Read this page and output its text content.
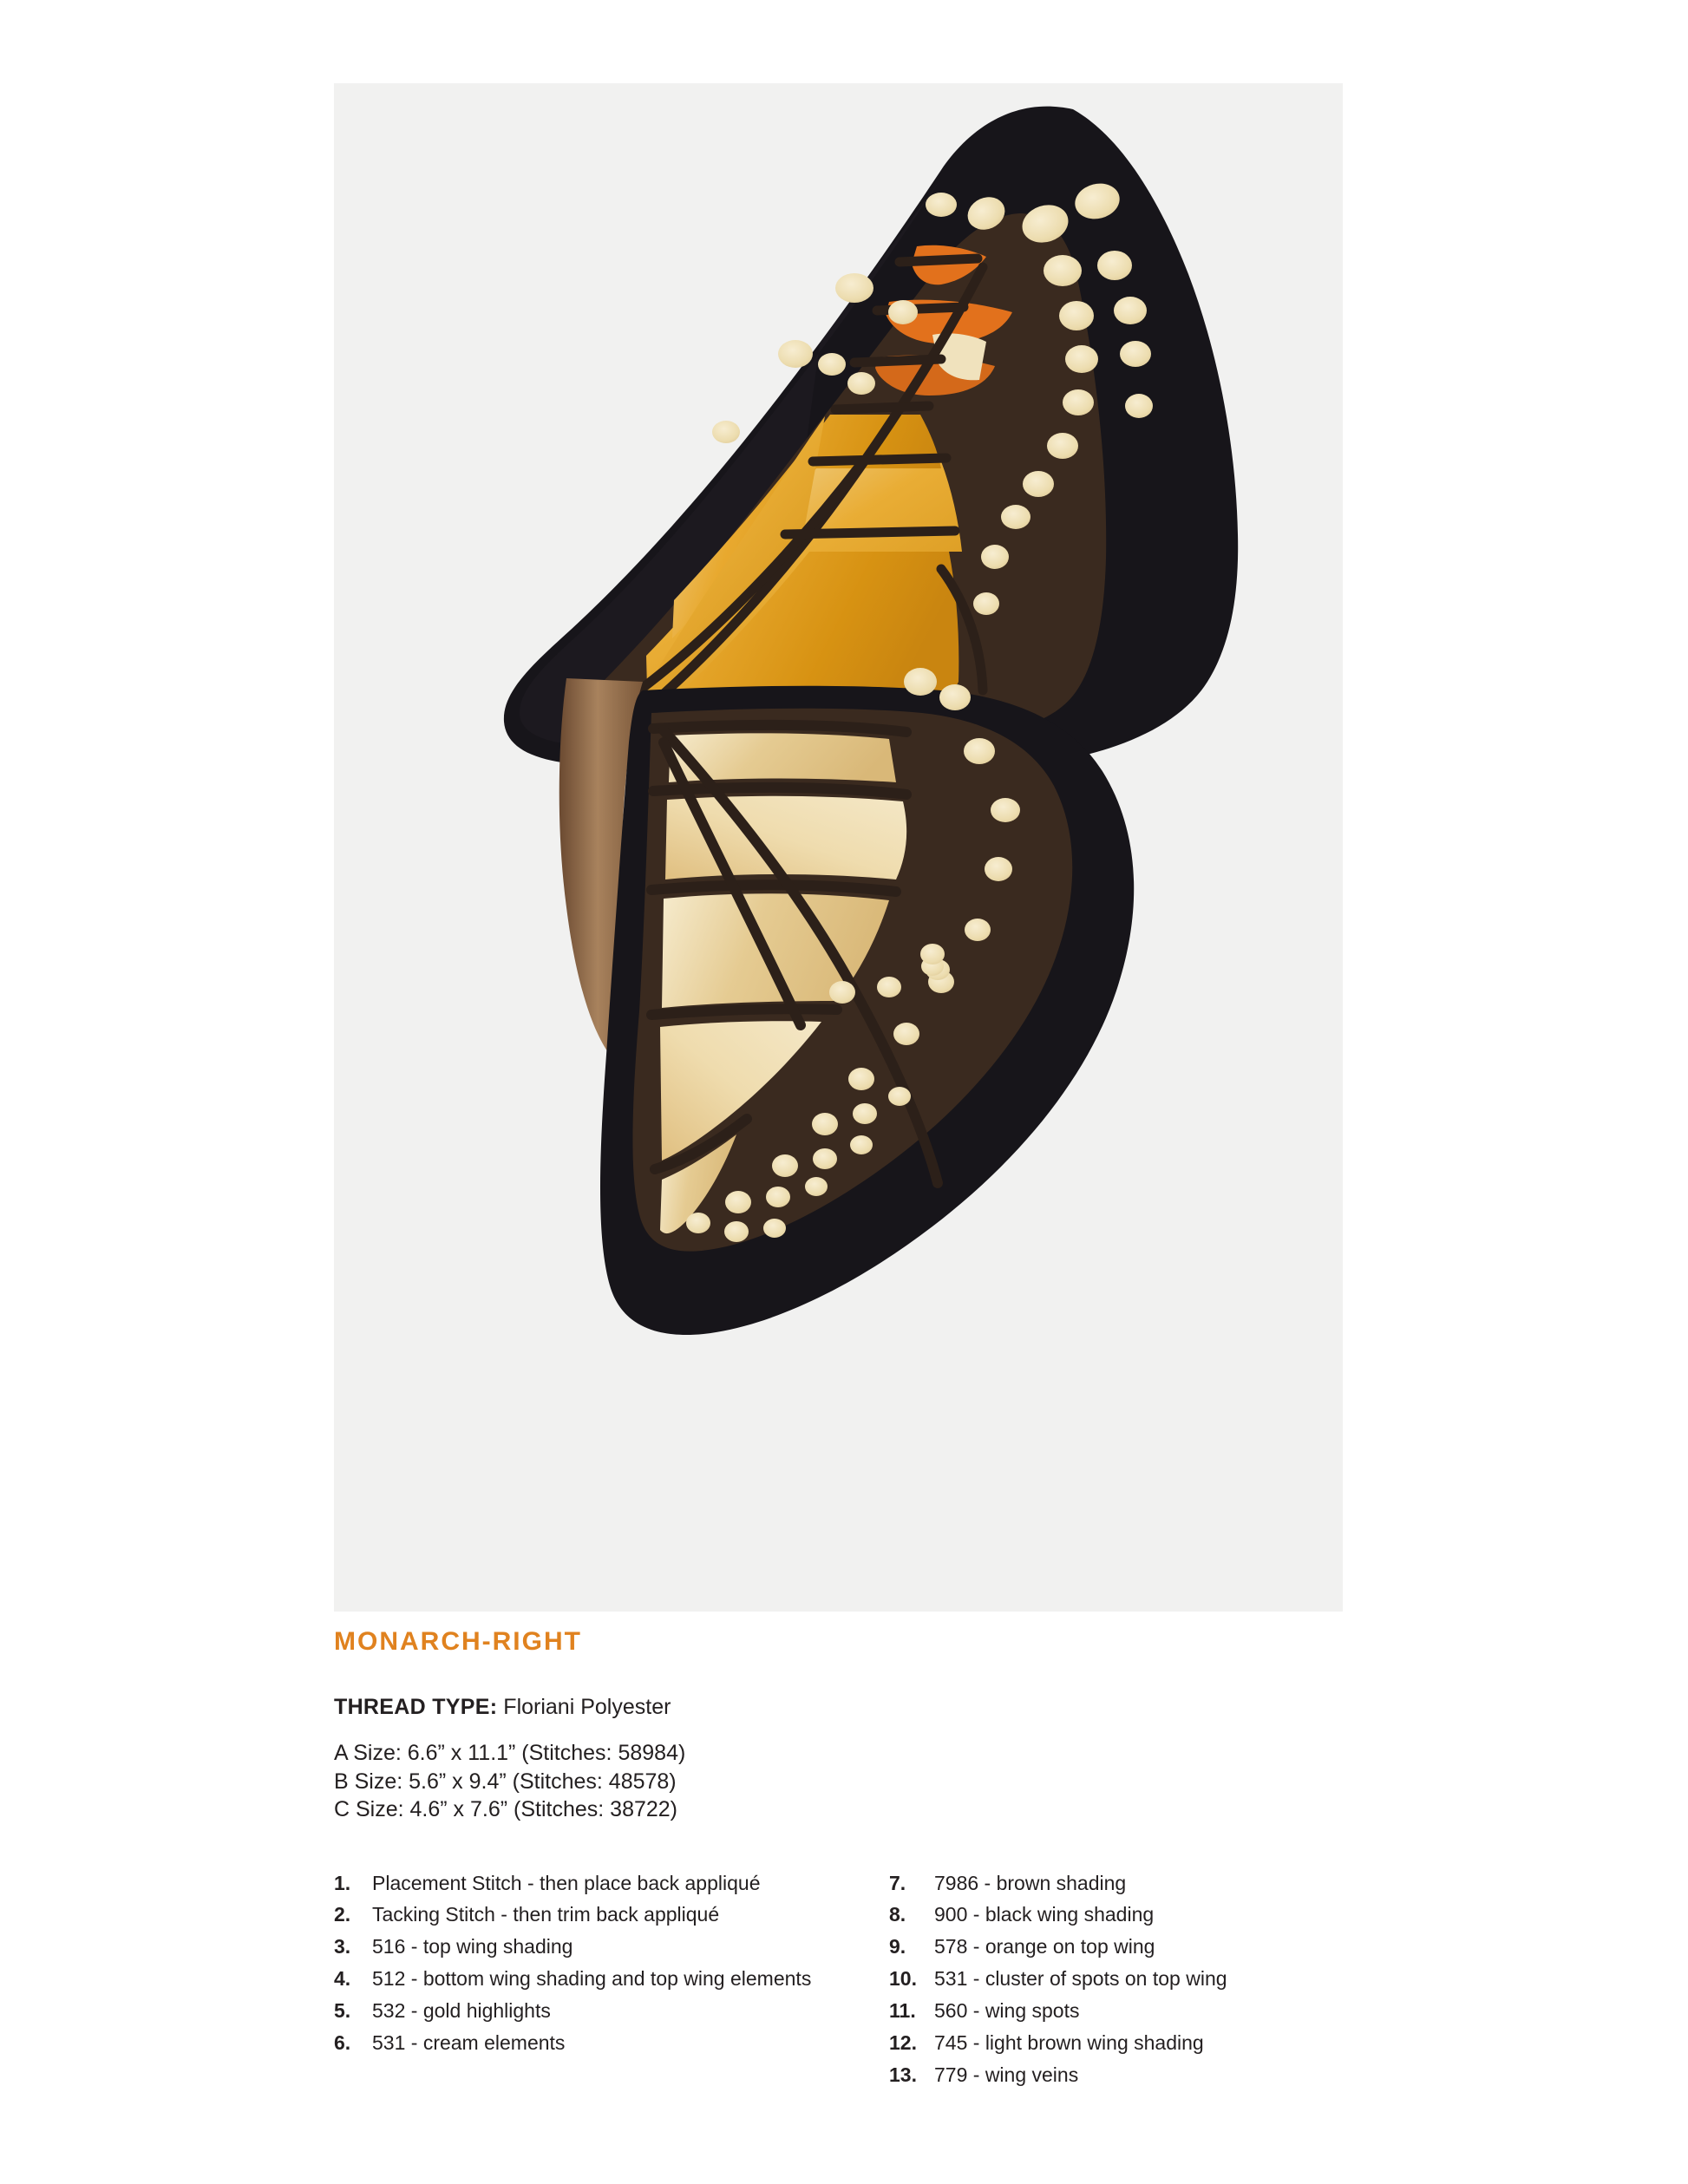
MONARCH-RIGHT

THREAD TYPE: Floriani Polyester

A Size: 6.6” x 11.1” (Stitches: 58984)
B Size: 5.6” x 9.4” (Stitches: 48578)
C Size: 4.6” x 7.6” (Stitches: 38722)
1.	Placement Stitch - then place back appliqué
2.	Tacking Stitch - then trim back appliqué
3.	516 - top wing shading
4.	512 - bottom wing shading and top wing elements
5.	532 - gold highlights
6.	531 - cream elements
7.	7986 - brown shading
8.	900 - black wing shading
9.	578 - orange on top wing
10. 531 - cluster of spots on top wing
11. 560 - wing spots
12. 745 - light brown wing shading
13. 779 - wing veins
